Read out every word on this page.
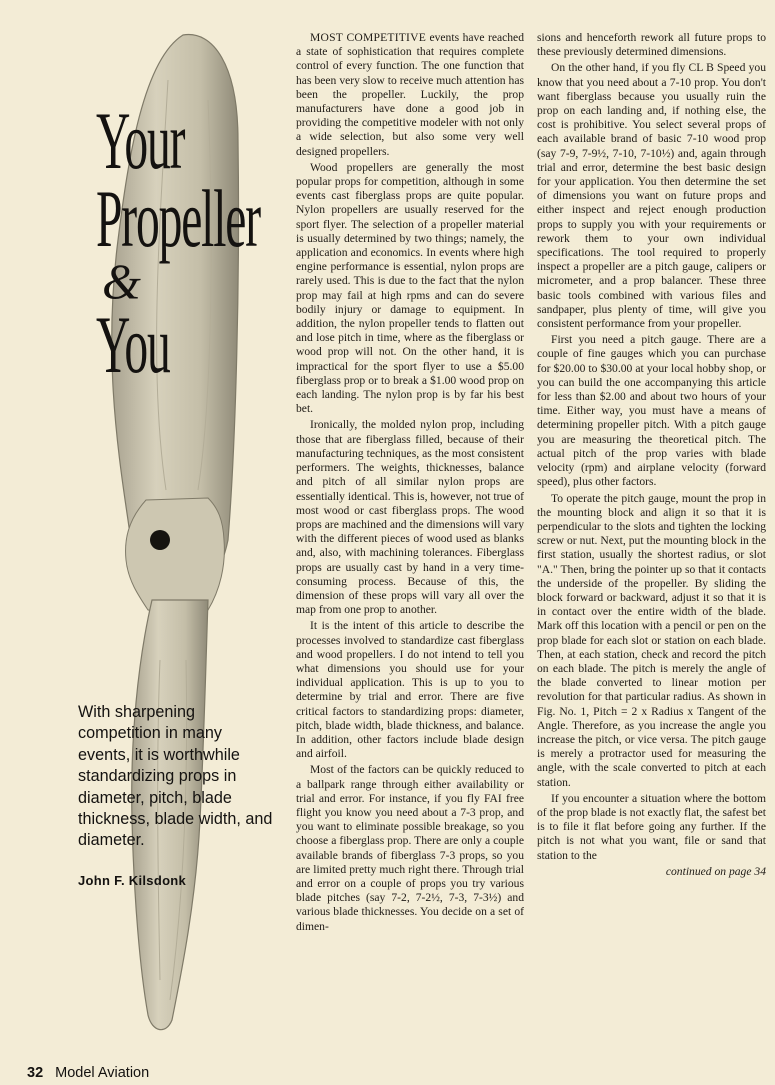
Your
Propeller
&
You
With sharpening competition in many events, it is worthwhile standardizing props in diameter, pitch, blade thickness, blade width, and diameter.
John F. Kilsdonk

MOST COMPETITIVE events have reached a state of sophistication that requires complete control of every function. The one function that has been very slow to receive much attention has been the propeller. Luckily, the prop manufacturers have done a good job in providing the competitive modeler with not only a wide selection, but also some very well designed propellers.

Wood propellers are generally the most popular props for competition, although in some events cast fiberglass props are quite popular. Nylon propellers are usually reserved for the sport flyer. The selection of a propeller material is usually determined by two things; namely, the application and economics. In events where high engine performance is essential, nylon props are rarely used. This is due to the fact that the nylon prop may fail at high rpms and can do severe bodily injury or damage to equipment. In addition, the nylon propeller tends to flatten out and lose pitch in time, where as the fiberglass or wood prop will not. On the other hand, it is impractical for the sport flyer to use a $5.00 fiberglass prop or to break a $1.00 wood prop on each landing. The nylon prop is by far his best bet.

Ironically, the molded nylon prop, including those that are fiberglass filled, because of their manufacturing techniques, as the most consistent performers. The weights, thicknesses, balance and pitch of all similar nylon props are essentially identical. This is, however, not true of most wood or cast fiberglass props. The wood props are machined and the dimensions will vary with the different pieces of wood used as blanks and, also, with machining tolerances. Fiberglass props are usually cast by hand in a very time-consuming process. Because of this, the dimension of these props will vary all over the map from one prop to another.

It is the intent of this article to describe the processes involved to standardize cast fiberglass and wood propellers. I do not intend to tell you what dimensions you should use for your individual application. This is up to you to determine by trial and error. There are five critical factors to standardizing props: diameter, pitch, blade width, blade thickness, and balance. In addition, other factors include blade design and airfoil.

Most of the factors can be quickly reduced to a ballpark range through either availability or trial and error. For instance, if you fly FAI free flight you know you need about a 7-3 prop, and you want to eliminate possible breakage, so you choose a fiberglass prop. There are only a couple available brands of fiberglass 7-3 props, so you are limited pretty much right there. Through trial and error on a couple of props you try various blade pitches (say 7-2, 7-2½, 7-3, 7-3½) and various blade thicknesses. You decide on a set of dimen-

sions and henceforth rework all future props to these previously determined dimensions.

On the other hand, if you fly CL B Speed you know that you need about a 7-10 prop. You don't want fiberglass because you usually ruin the prop on each landing and, if nothing else, the cost is prohibitive. You select several props of each available brand of basic 7-10 wood prop (say 7-9, 7-9½, 7-10, 7-10½) and, again through trial and error, determine the best basic design for your application. You then determine the set of dimensions you want on future props and either inspect and reject enough production props to supply you with your requirements or rework them to your own individual specifications. The tool required to properly inspect a propeller are a pitch gauge, calipers or micrometer, and a prop balancer. These three basic tools combined with various files and sandpaper, plus plenty of time, will give you consistent performance from your propeller.

First you need a pitch gauge. There are a couple of fine gauges which you can purchase for $20.00 to $30.00 at your local hobby shop, or you can build the one accompanying this article for less than $2.00 and about two hours of your time. Either way, you must have a means of determining propeller pitch. With a pitch gauge you are measuring the theoretical pitch. The actual pitch of the prop varies with blade velocity (rpm) and airplane velocity (forward speed), plus other factors.

To operate the pitch gauge, mount the prop in the mounting block and align it so that it is perpendicular to the slots and tighten the locking screw or nut. Next, put the mounting block in the first station, usually the shortest radius, or slot "A." Then, bring the pointer up so that it contacts the underside of the propeller. By sliding the block forward or backward, adjust it so that it is in contact over the entire width of the blade. Mark off this location with a pencil or pen on the prop blade for each slot or station on each blade. Then, at each station, check and record the pitch on each blade. The pitch is merely the angle of the blade converted to linear motion per revolution for that particular radius. As shown in Fig. No. 1, Pitch = 2 x Radius x Tangent of the Angle. Therefore, as you increase the angle you increase the pitch, or vice versa. The pitch gauge is merely a protractor used for measuring the angle, with the scale converted to pitch at each station.

If you encounter a situation where the bottom of the prop blade is not exactly flat, the safest bet is to file it flat before going any further. If the pitch is not what you want, file or sand that station to the

continued on page 34
32 Model Aviation
